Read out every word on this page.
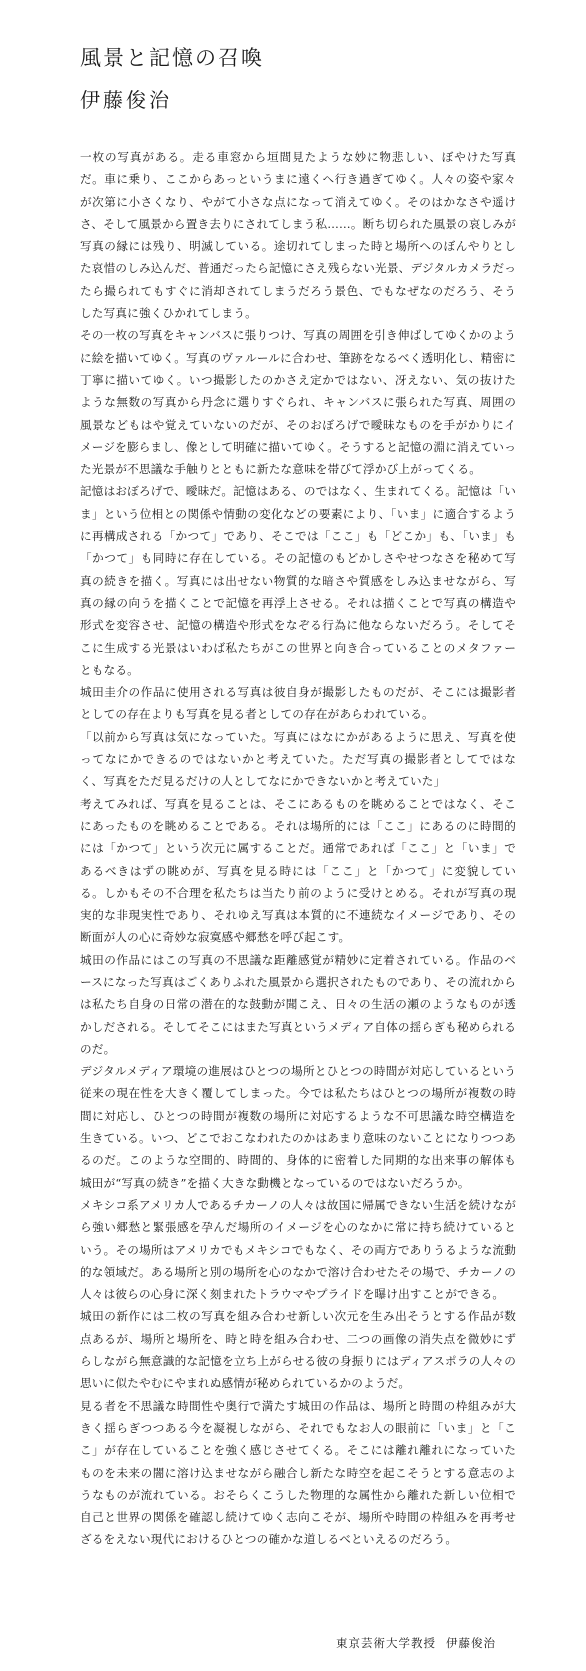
風景と記憶の召喚
伊藤俊治

一枚の写真がある。走る車窓から垣間見たような妙に物悲しい、ぼやけた写真だ。車に乗り、ここからあっというまに遠くへ行き過ぎてゆく。人々の姿や家々が次第に小さくなり、やがて小さな点になって消えてゆく。そのはかなさや遥けさ、そして風景から置き去りにされてしまう私……。断ち切られた風景の哀しみが写真の縁には残り、明滅している。途切れてしまった時と場所へのぼんやりとした哀惜のしみ込んだ、普通だったら記憶にさえ残らない光景、デジタルカメラだったら撮られてもすぐに消却されてしまうだろう景色、でもなぜなのだろう、そうした写真に強くひかれてしまう。

その一枚の写真をキャンバスに張りつけ、写真の周囲を引き伸ばしてゆくかのように絵を描いてゆく。写真のヴァルールに合わせ、筆跡をなるべく透明化し、精密に丁寧に描いてゆく。いつ撮影したのかさえ定かではない、冴えない、気の抜けたような無数の写真から丹念に選りすぐられ、キャンバスに張られた写真、周囲の風景などもはや覚えていないのだが、そのおぼろげで曖昧なものを手がかりにイメージを膨らまし、像として明確に描いてゆく。そうすると記憶の淵に消えていった光景が不思議な手触りとともに新たな意味を帯びて浮かび上がってくる。

記憶はおぼろげで、曖昧だ。記憶はある、のではなく、生まれてくる。記憶は「いま」という位相との関係や情動の変化などの要素により、「いま」に適合するように再構成される「かつて」であり、そこでは「ここ」も「どこか」も、「いま」も「かつて」も同時に存在している。その記憶のもどかしさやせつなさを秘めて写真の続きを描く。写真には出せない物質的な暗さや質感をしみ込ませながら、写真の縁の向うを描くことで記憶を再浮上させる。それは描くことで写真の構造や形式を変容させ、記憶の構造や形式をなぞる行為に他ならないだろう。そしてそこに生成する光景はいわば私たちがこの世界と向き合っていることのメタファーともなる。

城田圭介の作品に使用される写真は彼自身が撮影したものだが、そこには撮影者としての存在よりも写真を見る者としての存在があらわれている。

「以前から写真は気になっていた。写真にはなにかがあるように思え、写真を使ってなにかできるのではないかと考えていた。ただ写真の撮影者としてではなく、写真をただ見るだけの人としてなにかできないかと考えていた」

考えてみれば、写真を見ることは、そこにあるものを眺めることではなく、そこにあったものを眺めることである。それは場所的には「ここ」にあるのに時間的には「かつて」という次元に属することだ。通常であれば「ここ」と「いま」であるべきはずの眺めが、写真を見る時には「ここ」と「かつて」に変貌している。しかもその不合理を私たちは当たり前のように受けとめる。それが写真の現実的な非現実性であり、それゆえ写真は本質的に不連続なイメージであり、その断面が人の心に奇妙な寂寞感や郷愁を呼び起こす。

城田の作品にはこの写真の不思議な距離感覚が精妙に定着されている。作品のベースになった写真はごくありふれた風景から選択されたものであり、その流れからは私たち自身の日常の潜在的な鼓動が聞こえ、日々の生活の瀬のようなものが透かしだされる。そしてそこにはまた写真というメディア自体の揺らぎも秘められるのだ。

デジタルメディア環境の進展はひとつの場所とひとつの時間が対応しているという従来の現在性を大きく覆してしまった。今では私たちはひとつの場所が複数の時間に対応し、ひとつの時間が複数の場所に対応するような不可思議な時空構造を生きている。いつ、どこでおこなわれたのかはあまり意味のないことになりつつあるのだ。このような空間的、時間的、身体的に密着した同期的な出来事の解体も城田が“写真の続き”を描く大きな動機となっているのではないだろうか。

メキシコ系アメリカ人であるチカーノの人々は故国に帰属できない生活を続けながら強い郷愁と緊張感を孕んだ場所のイメージを心のなかに常に持ち続けているという。その場所はアメリカでもメキシコでもなく、その両方でありうるような流動的な領域だ。ある場所と別の場所を心のなかで溶け合わせたその場で、チカーノの人々は彼らの心身に深く刻まれたトラウマやプライドを曝け出すことができる。

城田の新作には二枚の写真を組み合わせ新しい次元を生み出そうとする作品が数点あるが、場所と場所を、時と時を組み合わせ、二つの画像の消失点を微妙にずらしながら無意識的な記憶を立ち上がらせる彼の身振りにはディアスポラの人々の思いに似たやむにやまれぬ感情が秘められているかのようだ。

見る者を不思議な時間性や奥行で満たす城田の作品は、場所と時間の枠組みが大きく揺らぎつつある今を凝視しながら、それでもなお人の眼前に「いま」と「ここ」が存在していることを強く感じさせてくる。そこには離れ離れになっていたものを未来の闇に溶け込ませながら融合し新たな時空を起こそうとする意志のようなものが流れている。おそらくこうした物理的な属性から離れた新しい位相で自己と世界の関係を確認し続けてゆく志向こそが、場所や時間の枠組みを再考せざるをえない現代におけるひとつの確かな道しるべといえるのだろう。

東京芸術大学教授 伊藤俊治
